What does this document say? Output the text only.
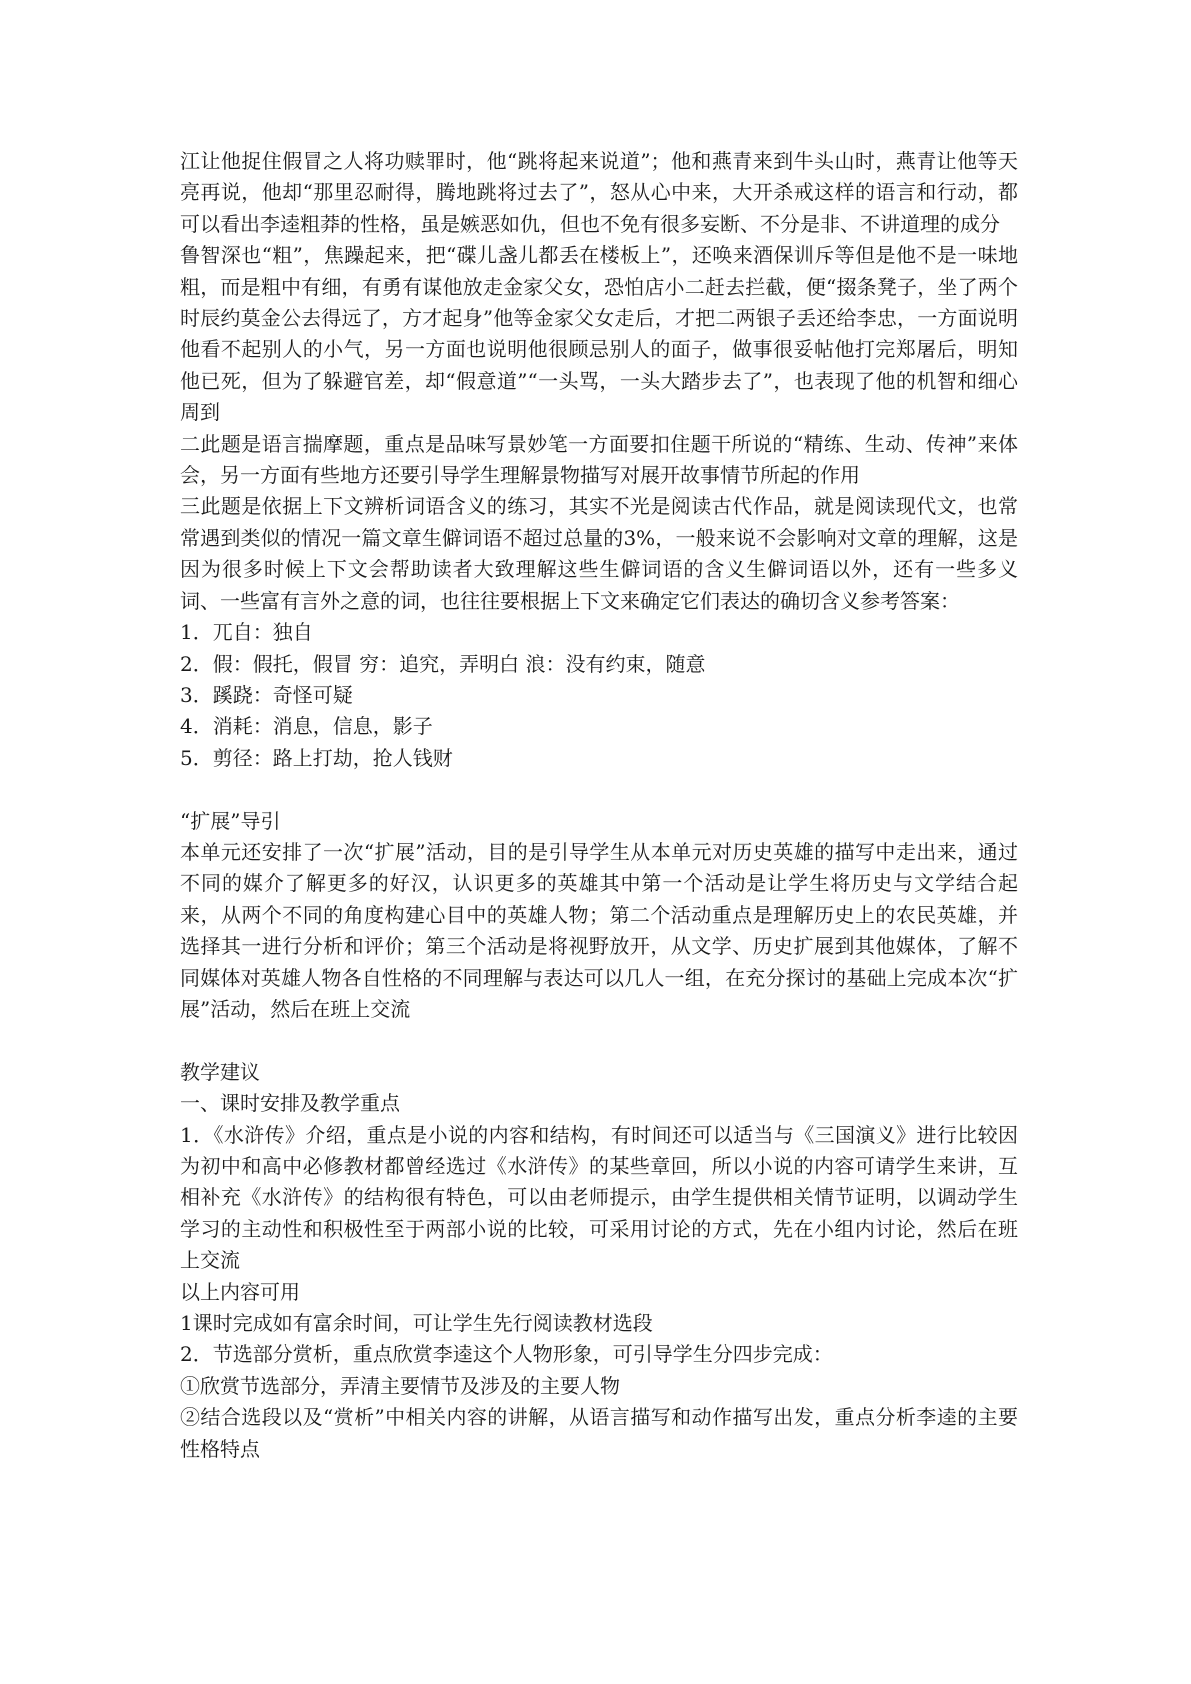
江让他捉住假冒之人将功赎罪时，他“跳将起来说道”；他和燕青来到牛头山时，燕青让他等天亮再说，他却“那里忍耐得，腾地跳将过去了”，怒从心中来，大开杀戒这样的语言和行动，都可以看出李逵粗莽的性格，虽是嫉恶如仇，但也不免有很多妄断、不分是非、不讲道理的成分

鲁智深也“粗”，焦躁起来，把“碟儿盏儿都丢在楼板上”，还唤来酒保训斥等但是他不是一味地粗，而是粗中有细，有勇有谋他放走金家父女，恐怕店小二赶去拦截，便“掇条凳子，坐了两个时辰约莫金公去得远了，方才起身”他等金家父女走后，才把二两银子丢还给李忠，一方面说明他看不起别人的小气，另一方面也说明他很顾忌别人的面子，做事很妥帖他打完郑屠后，明知他已死，但为了躲避官差，却“假意道”“一头骂，一头大踏步去了”，也表现了他的机智和细心周到

二此题是语言揣摩题，重点是品味写景妙笔一方面要扣住题干所说的“精练、生动、传神”来体会，另一方面有些地方还要引导学生理解景物描写对展开故事情节所起的作用

三此题是依据上下文辨析词语含义的练习，其实不光是阅读古代作品，就是阅读现代文，也常常遇到类似的情况一篇文章生僻词语不超过总量的3%，一般来说不会影响对文章的理解，这是因为很多时候上下文会帮助读者大致理解这些生僻词语的含义生僻词语以外，还有一些多义词、一些富有言外之意的词，也往往要根据上下文来确定它们表达的确切含义参考答案：

1．兀自：独自

2．假：假托，假冒 穷：追究，弄明白 浪：没有约束，随意

3．蹊跷：奇怪可疑

4．消耗：消息，信息，影子

5．剪径：路上打劫，抢人钱财

“扩展”导引

本单元还安排了一次“扩展”活动，目的是引导学生从本单元对历史英雄的描写中走出来，通过不同的媒介了解更多的好汉，认识更多的英雄其中第一个活动是让学生将历史与文学结合起来，从两个不同的角度构建心目中的英雄人物；第二个活动重点是理解历史上的农民英雄，并选择其一进行分析和评价；第三个活动是将视野放开，从文学、历史扩展到其他媒体，了解不同媒体对英雄人物各自性格的不同理解与表达可以几人一组，在充分探讨的基础上完成本次“扩展”活动，然后在班上交流

教学建议

一、课时安排及教学重点

1．《水浒传》介绍，重点是小说的内容和结构，有时间还可以适当与《三国演义》进行比较因为初中和高中必修教材都曾经选过《水浒传》的某些章回，所以小说的内容可请学生来讲，互相补充《水浒传》的结构很有特色，可以由老师提示，由学生提供相关情节证明，以调动学生学习的主动性和积极性至于两部小说的比较，可采用讨论的方式，先在小组内讨论，然后在班上交流

以上内容可用

1课时完成如有富余时间，可让学生先行阅读教材选段

2．节选部分赏析，重点欣赏李逵这个人物形象，可引导学生分四步完成：

①欣赏节选部分，弄清主要情节及涉及的主要人物

②结合选段以及“赏析”中相关内容的讲解，从语言描写和动作描写出发，重点分析李逵的主要性格特点
